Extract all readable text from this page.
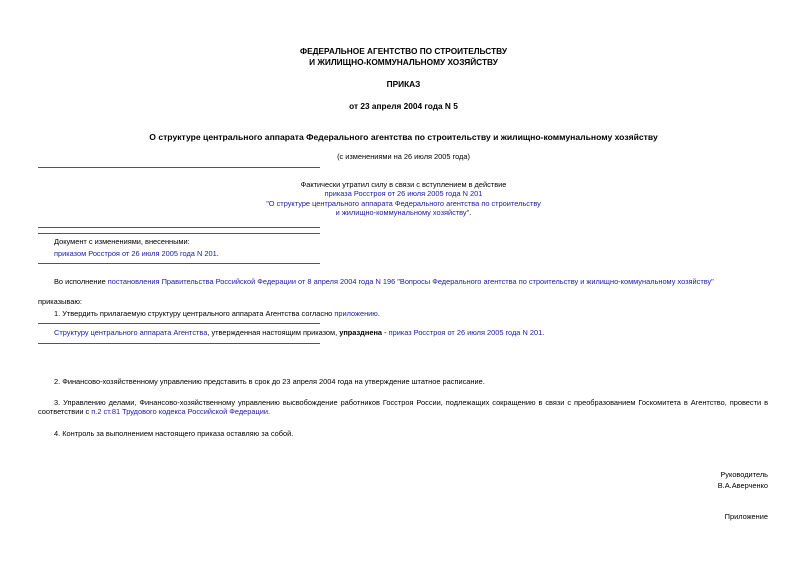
ФЕДЕРАЛЬНОЕ АГЕНТСТВО ПО СТРОИТЕЛЬСТВУ
И ЖИЛИЩНО-КОММУНАЛЬНОМУ ХОЗЯЙСТВУ
ПРИКАЗ
от 23 апреля 2004 года N 5
О структуре центрального аппарата Федерального агентства по строительству и жилищно-коммунальному хозяйству
(с изменениями на 26 июля 2005 года)
Фактически утратил силу в связи с вступлением в действие
приказа Росстроя от 26 июля 2005 года N 201
"О структуре центрального аппарата Федерального агентства по строительству
и жилищно-коммунальному хозяйству".
Документ с изменениями, внесенными:
приказом Росстроя от 26 июля 2005 года N 201.
Во исполнение постановления Правительства Российской Федерации от 8 апреля 2004 года N 196 "Вопросы Федерального агентства по строительству и жилищно-коммунальному хозяйству"
приказываю:
1. Утвердить прилагаемую структуру центрального аппарата Агентства согласно приложению.
Структуру центрального аппарата Агентства, утвержденная настоящим приказом, упразднена - приказ Росстроя от 26 июля 2005 года N 201.
2. Финансово-хозяйственному управлению представить в срок до 23 апреля 2004 года на утверждение штатное расписание.
3. Управлению делами, Финансово-хозяйственному управлению высвобождение работников Госстроя России, подлежащих сокращению в связи с преобразованием Госкомитета в Агентство, провести в соответствии с п.2 ст.81 Трудового кодекса Российской Федерации.
4. Контроль за выполнением настоящего приказа оставляю за собой.
Руководитель
В.А.Аверченко
Приложение
